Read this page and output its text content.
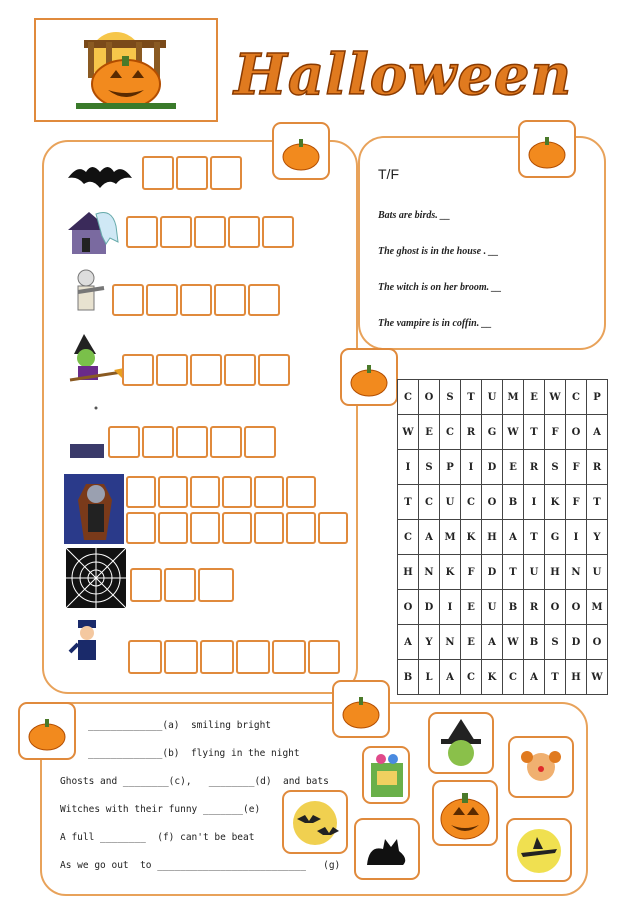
Halloween
T/F
Bats are birds. __
The ghost is in the house . __
The witch is on her broom. __
The vampire is in coffin. __
C	O	S	T	U	M	E	W	C	P
W	E	C	R	G	W	T	F	O	A
I	S	P	I	D	E	R	S	F	R
T	C	U	C	O	B	I	K	F	T
C	A	M	K	H	A	T	G	I	Y
H	N	K	F	D	T	U	H	N	U
O	D	I	E	U	B	R	O	O	M
A	Y	N	E	A	W	B	S	D	O
B	L	A	C	K	C	A	T	H	W
_____________(a)  smiling bright
_____________(b)  flying in the night
Ghosts and ________(c),   ________(d)  and bats
Witches with their funny _______(e)
A full ________  (f) can't be beat
As we go out  to __________________________   (g)
